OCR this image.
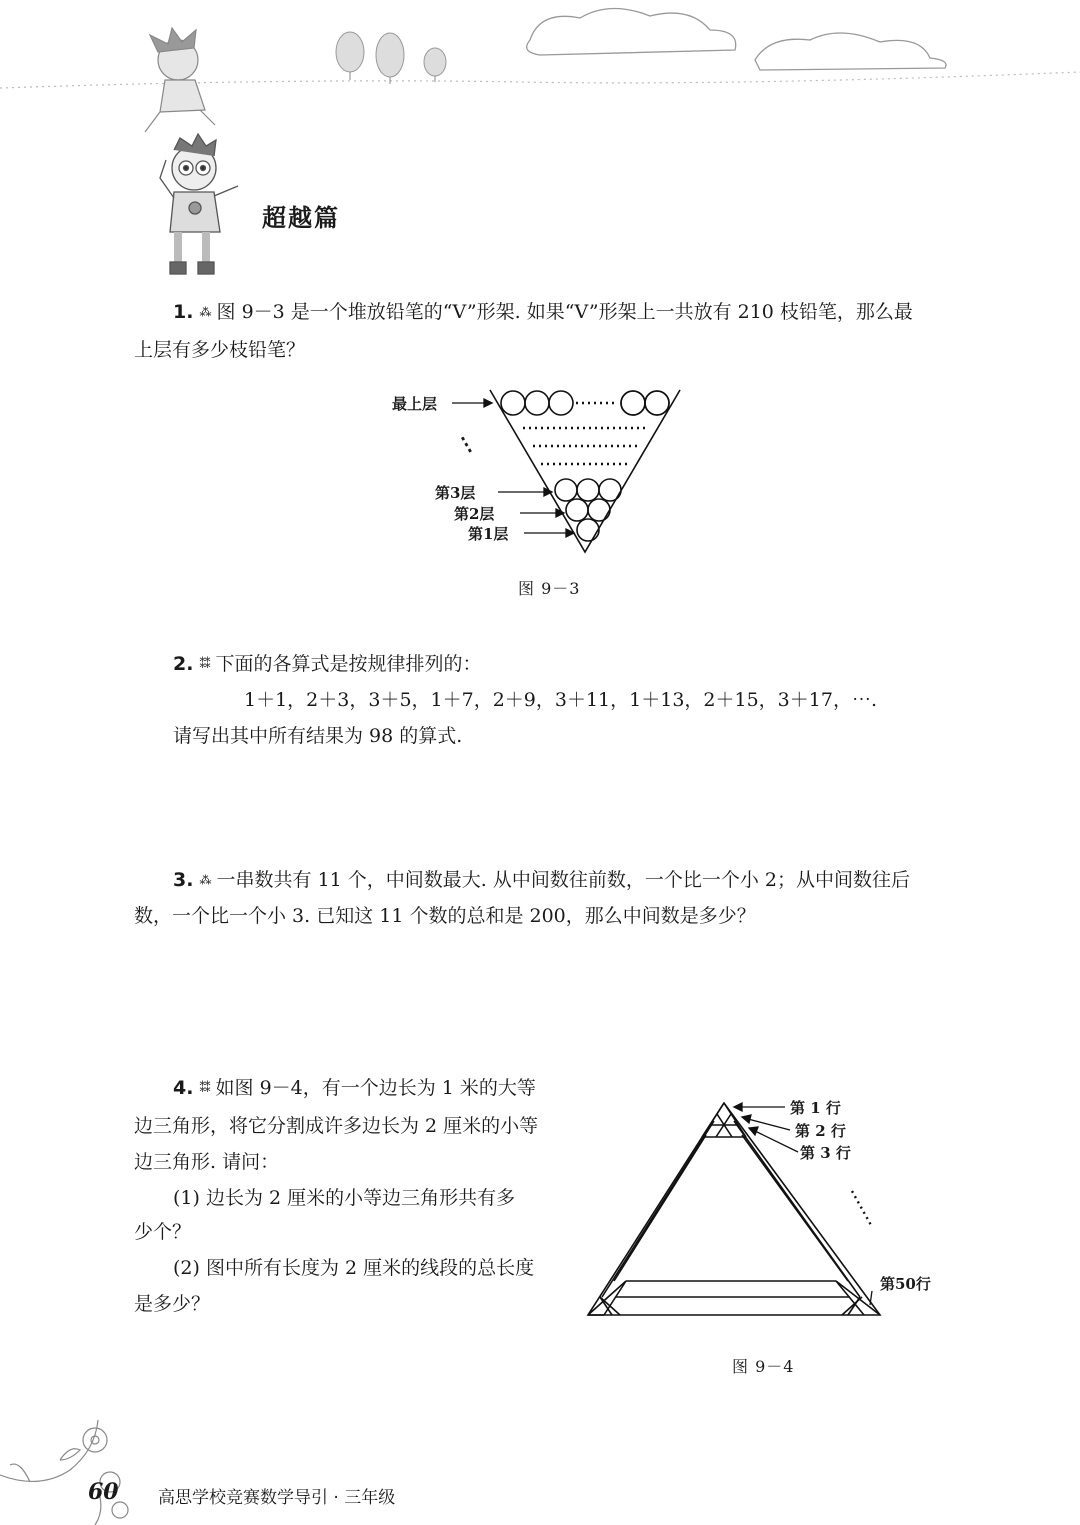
超越篇
1. ⁂ 图 9－3 是一个堆放铅笔的“V”形架. 如果“V”形架上一共放有 210 枝铅笔，那么最
上层有多少枝铅笔？
最上层
⋮
第3层
第2层
第1层
图 9－3
2. ⁑⁑ 下面的各算式是按规律排列的：
1＋1，2＋3，3＋5，1＋7，2＋9，3＋11，1＋13，2＋15，3＋17，⋯.
请写出其中所有结果为 98 的算式.
3. ⁂ 一串数共有 11 个，中间数最大. 从中间数往前数，一个比一个小 2；从中间数往后
数，一个比一个小 3. 已知这 11 个数的总和是 200，那么中间数是多少？
4. ⁑⁑ 如图 9－4，有一个边长为 1 米的大等
边三角形，将它分割成许多边长为 2 厘米的小等
边三角形. 请问：
(1) 边长为 2 厘米的小等边三角形共有多
少个？
(2) 图中所有长度为 2 厘米的线段的总长度
是多少？
第 1 行
第 2 行
第 3 行
第50行
图 9－4
60 高思学校竞赛数学导引 · 三年级
